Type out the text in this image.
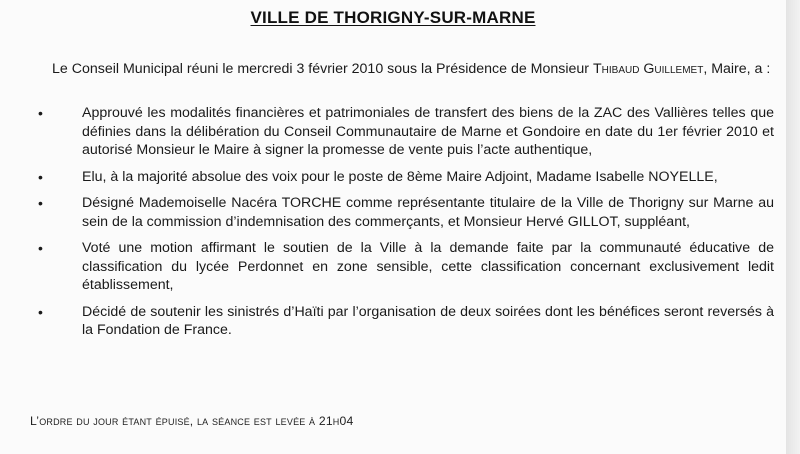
VILLE DE THORIGNY-SUR-MARNE
Le Conseil Municipal réuni le mercredi 3 février 2010 sous la Présidence de Monsieur Thibaud Guillemet, Maire, a :
•	Approuvé les modalités financières et patrimoniales de transfert des biens de la ZAC des Vallières telles que définies dans la délibération du Conseil Communautaire de Marne et Gondoire en date du 1er février 2010 et autorisé Monsieur le Maire à signer la promesse de vente puis l’acte authentique,
•	Elu, à la majorité absolue des voix pour le poste de 8ème Maire Adjoint, Madame Isabelle NOYELLE,
•	Désigné Mademoiselle Nacéra TORCHE comme représentante titulaire de la Ville de Thorigny sur Marne au sein de la commission d’indemnisation des commerçants, et Monsieur Hervé GILLOT, suppléant,
•	Voté une motion affirmant le soutien de la Ville à la demande faite par la communauté éducative de classification du lycée Perdonnet en zone sensible, cette classification concernant exclusivement ledit établissement,
•	Décidé de soutenir les sinistrés d’Haïti par l’organisation de deux soirées dont les bénéfices seront reversés à la Fondation de France.
L’ordre du jour étant épuisé, la séance est levée à 21h04
